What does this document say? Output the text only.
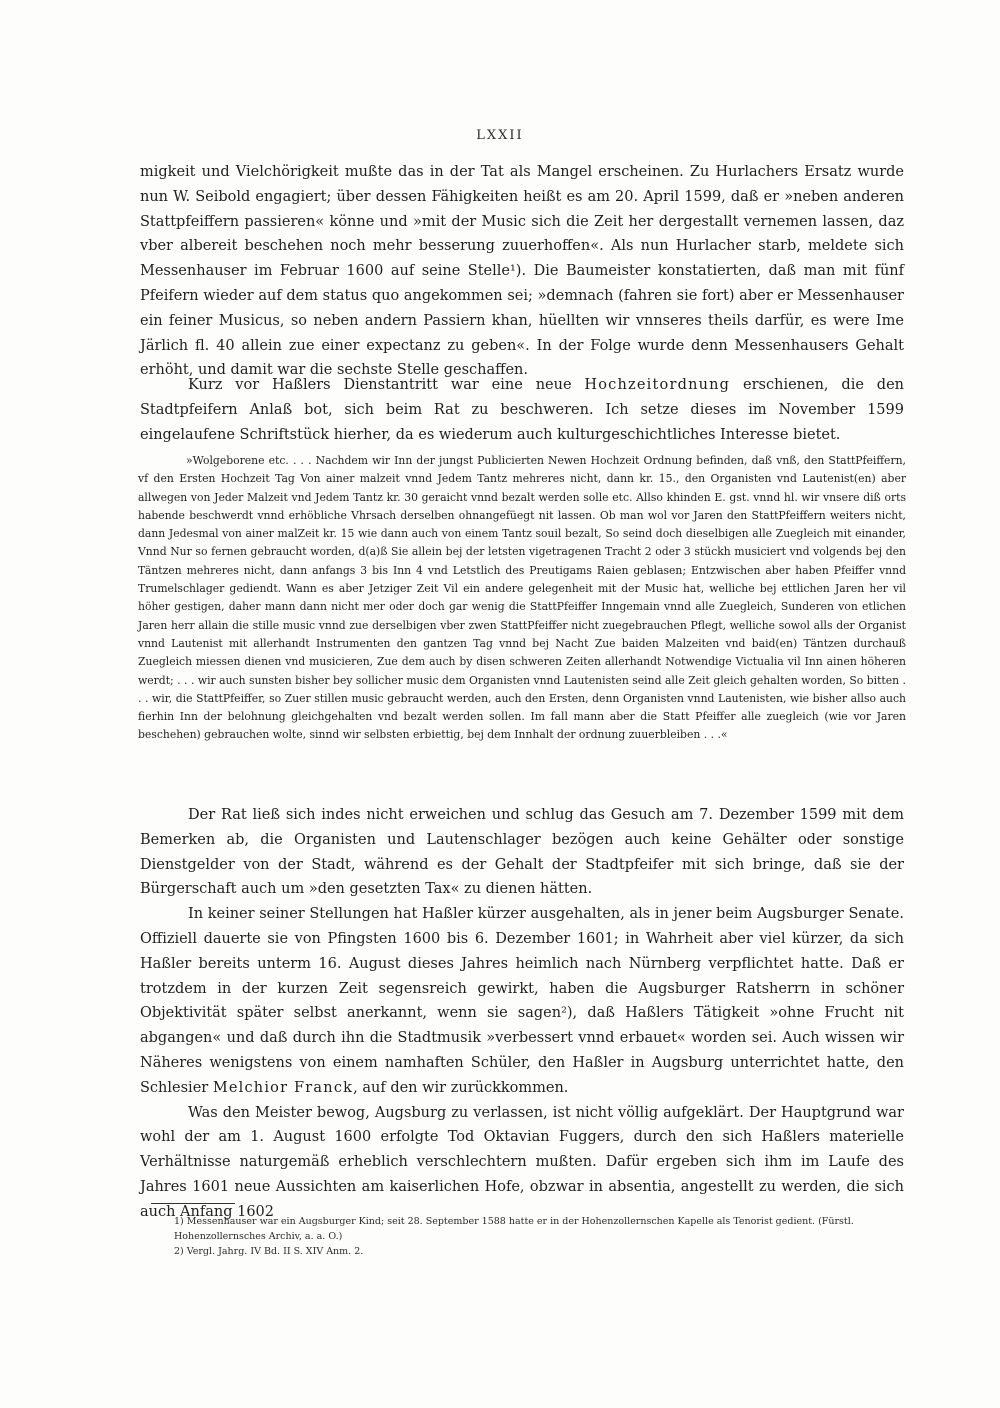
LXXII

migkeit und Vielchörigkeit mußte das in der Tat als Mangel erscheinen. Zu Hurlachers Ersatz wurde nun W. Seibold engagiert; über dessen Fähigkeiten heißt es am 20. April 1599, daß er »neben anderen Stattpfeiffern passieren« könne und »mit der Music sich die Zeit her dergestallt vernemen lassen, daz vber albereit beschehen noch mehr besserung zuuerhoffen«. Als nun Hurlacher starb, meldete sich Messenhauser im Februar 1600 auf seine Stelle¹). Die Baumeister konstatierten, daß man mit fünf Pfeifern wieder auf dem status quo angekommen sei; »demnach (fahren sie fort) aber er Messenhauser ein feiner Musicus, so neben andern Passiern khan, hüellten wir vnnseres theils darfür, es were Ime Järlich fl. 40 allein zue einer expectanz zu geben«. In der Folge wurde denn Messenhausers Gehalt erhöht, und damit war die sechste Stelle geschaffen.

Kurz vor Haßlers Dienstantritt war eine neue Hochzeitordnung erschienen, die den Stadtpfeifern Anlaß bot, sich beim Rat zu beschweren. Ich setze dieses im November 1599 eingelaufene Schriftstück hierher, da es wiederum auch kulturgeschichtliches Interesse bietet.

»Wolgeborene etc. . . . Nachdem wir Inn der jungst Publicierten Newen Hochzeit Ordnung befinden, daß vnß, den StattPfeiffern, vf den Ersten Hochzeit Tag Von ainer malzeit vnnd Jedem Tantz mehreres nicht, dann kr. 15., den Organisten vnd Lautenist(en) aber allwegen von Jeder Malzeit vnd Jedem Tantz kr. 30 geraicht vnnd bezalt werden solle etc. Allso khinden E. gst. vnnd hl. wir vnsere diß orts habende beschwerdt vnnd erhöbliche Vhrsach derselben ohnangefüegt nit lassen. Ob man wol vor Jaren den StattPfeiffern weiters nicht, dann Jedesmal von ainer malZeit kr. 15 wie dann auch von einem Tantz souil bezalt, So seind doch dieselbigen alle Zuegleich mit einander, Vnnd Nur so fernen gebraucht worden, d(a)ß Sie allein bej der letsten vigetragenen Tracht 2 oder 3 stückh musiciert vnd volgends bej den Täntzen mehreres nicht, dann anfangs 3 bis Inn 4 vnd Letstlich des Preutigams Raien geblasen; Entzwischen aber haben Pfeiffer vnnd Trumelschlager gediendt. Wann es aber Jetziger Zeit Vil ein andere gelegenheit mit der Music hat, welliche bej ettlichen Jaren her vil höher gestigen, daher mann dann nicht mer oder doch gar wenig die StattPfeiffer Inngemain vnnd alle Zuegleich, Sunderen von etlichen Jaren herr allain die stille music vnnd zue derselbigen vber zwen StattPfeiffer nicht zuegebrauchen Pflegt, welliche sowol alls der Organist vnnd Lautenist mit allerhandt Instrumenten den gantzen Tag vnnd bej Nacht Zue baiden Malzeiten vnd baid(en) Täntzen durchauß Zuegleich miessen dienen vnd musicieren, Zue dem auch by disen schweren Zeiten allerhandt Notwendige Victualia vil Inn ainen höheren werdt; . . . wir auch sunsten bisher bey sollicher music dem Organisten vnnd Lautenisten seind alle Zeit gleich gehalten worden, So bitten . . . wir, die StattPfeiffer, so Zuer stillen music gebraucht werden, auch den Ersten, denn Organisten vnnd Lautenisten, wie bisher allso auch fierhin Inn der belohnung gleichgehalten vnd bezalt werden sollen. Im fall mann aber die Statt Pfeiffer alle zuegleich (wie vor Jaren beschehen) gebrauchen wolte, sinnd wir selbsten erbiettig, bej dem Innhalt der ordnung zuuerbleiben . . .«

Der Rat ließ sich indes nicht erweichen und schlug das Gesuch am 7. Dezember 1599 mit dem Bemerken ab, die Organisten und Lautenschlager bezögen auch keine Gehälter oder sonstige Dienstgelder von der Stadt, während es der Gehalt der Stadtpfeifer mit sich bringe, daß sie der Bürgerschaft auch um »den gesetzten Tax« zu dienen hätten.

In keiner seiner Stellungen hat Haßler kürzer ausgehalten, als in jener beim Augsburger Senate. Offiziell dauerte sie von Pfingsten 1600 bis 6. Dezember 1601; in Wahrheit aber viel kürzer, da sich Haßler bereits unterm 16. August dieses Jahres heimlich nach Nürnberg verpflichtet hatte. Daß er trotzdem in der kurzen Zeit segensreich gewirkt, haben die Augsburger Ratsherrn in schöner Objektivität später selbst anerkannt, wenn sie sagen²), daß Haßlers Tätigkeit »ohne Frucht nit abgangen« und daß durch ihn die Stadtmusik »verbessert vnnd erbauet« worden sei. Auch wissen wir Näheres wenigstens von einem namhaften Schüler, den Haßler in Augsburg unterrichtet hatte, den Schlesier Melchior Franck, auf den wir zurückkommen.

Was den Meister bewog, Augsburg zu verlassen, ist nicht völlig aufgeklärt. Der Hauptgrund war wohl der am 1. August 1600 erfolgte Tod Oktavian Fuggers, durch den sich Haßlers materielle Verhältnisse naturgemäß erheblich verschlechtern mußten. Dafür ergeben sich ihm im Laufe des Jahres 1601 neue Aussichten am kaiserlichen Hofe, obzwar in absentia, angestellt zu werden, die sich auch Anfang 1602

1) Messenhauser war ein Augsburger Kind; seit 28. September 1588 hatte er in der Hohenzollernschen Kapelle als Tenorist gedient. (Fürstl. Hohenzollernsches Archiv, a. a. O.)

2) Vergl. Jahrg. IV Bd. II S. XIV Anm. 2.
